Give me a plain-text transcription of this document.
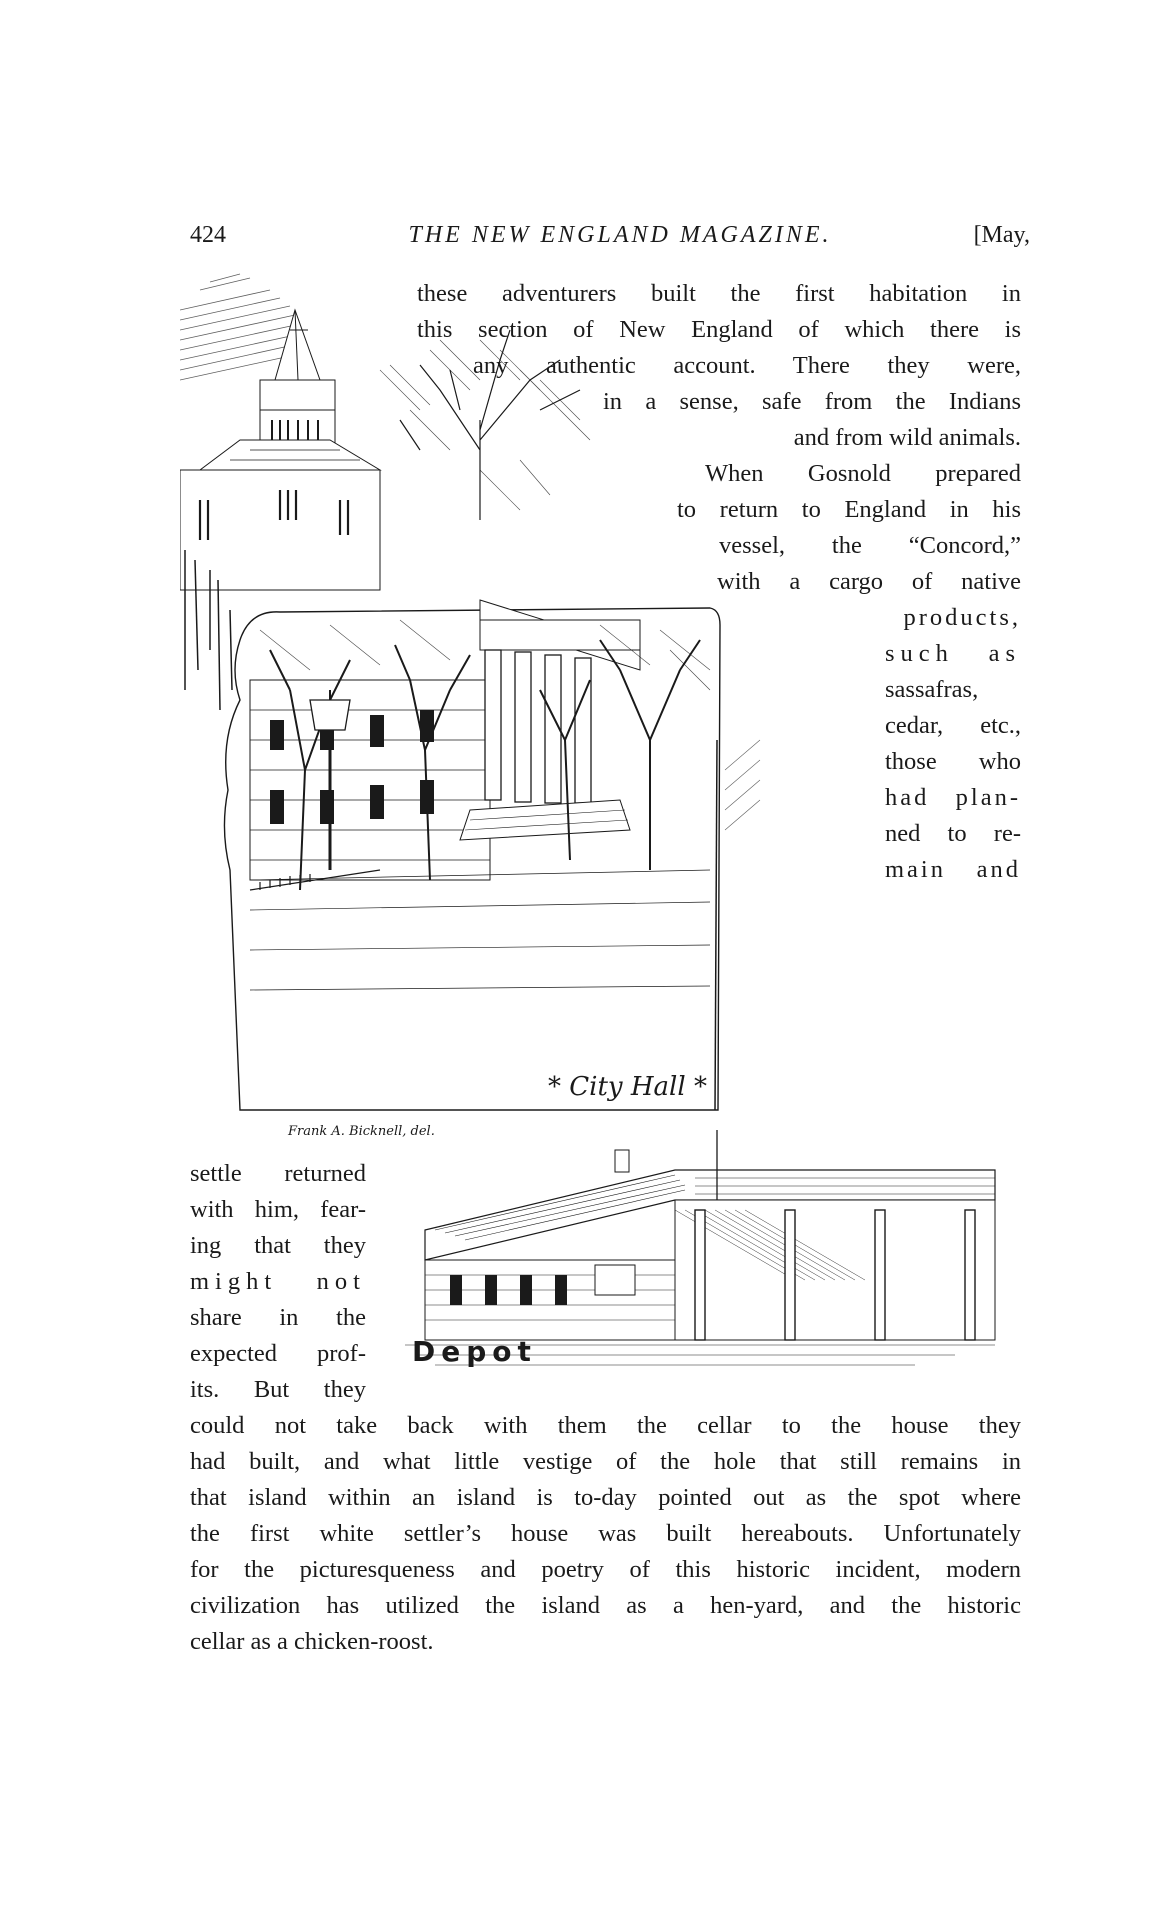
424	THE NEW ENGLAND MAGAZINE.	[May,
* City Hall *
Frank A. Bicknell, del.
Depot
these adventurers built the first habitation in
this section of New England of which there is
any authentic account. There they were,
in a sense, safe from the Indians
and from wild animals.
When Gosnold prepared
to return to England in his
vessel, the “Concord,”
with a cargo of native
products,
such as
sassafras,
cedar, etc.,
those who
had plan-
ned to re-
main and
settle returned
with him, fear-
ing that they
might not
share in the
expected prof-
its. But they
could not take back with them the cellar to the house they
had built, and what little vestige of the hole that still remains in
that island within an island is to-day pointed out as the spot where
the first white settler’s house was built hereabouts. Unfortunately
for the picturesqueness and poetry of this historic incident, modern
civilization has utilized the island as a hen-yard, and the historic
cellar as a chicken-roost.
